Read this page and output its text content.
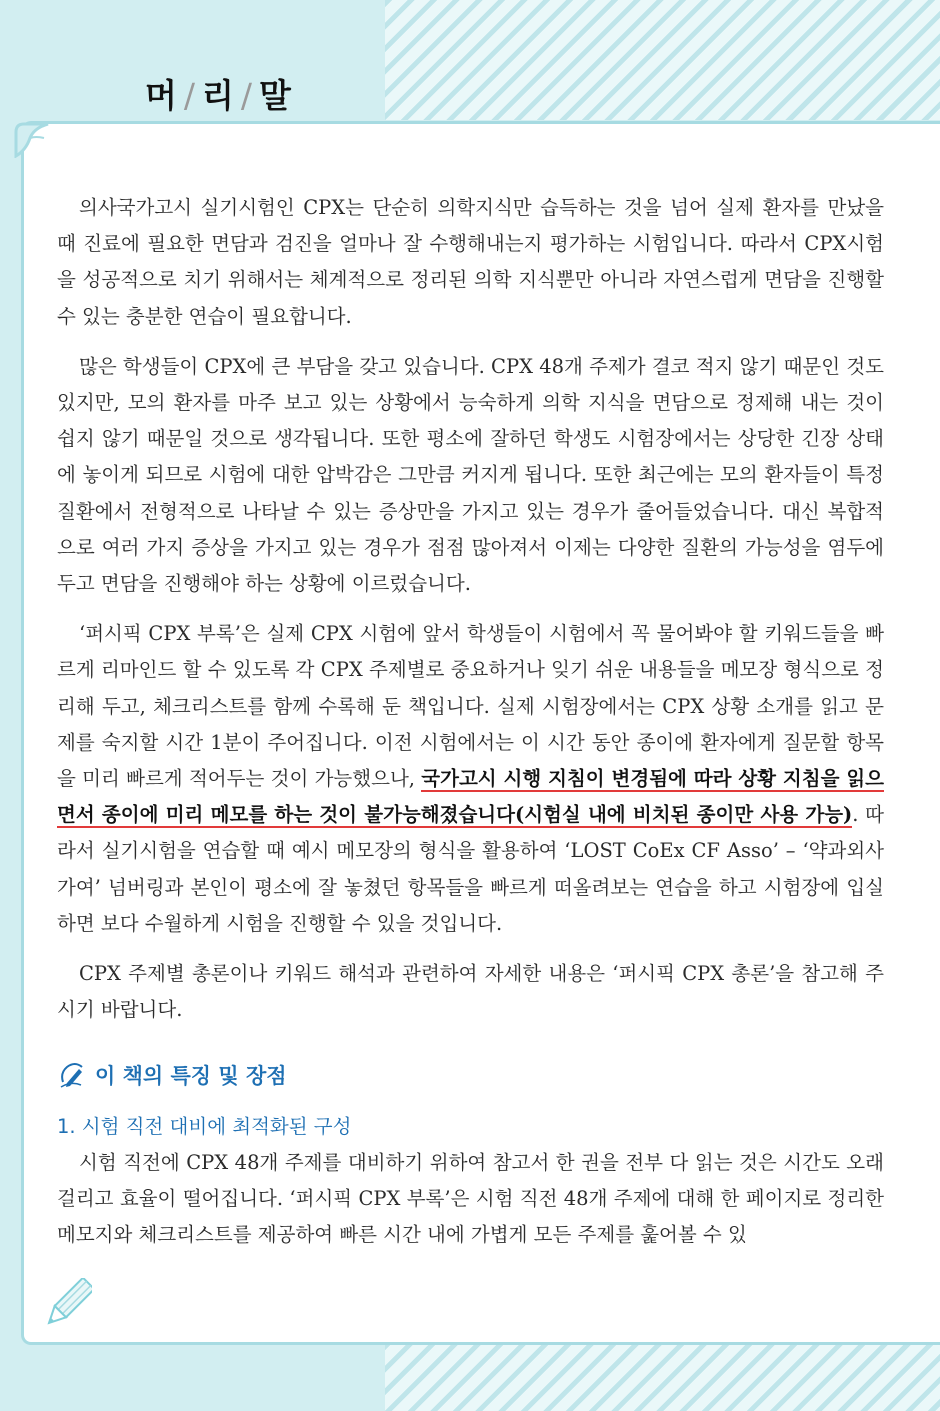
머 / 리 / 말

의사국가고시 실기시험인 CPX는 단순히 의학지식만 습득하는 것을 넘어 실제 환자를 만났을 때 진료에 필요한 면담과 검진을 얼마나 잘 수행해내는지 평가하는 시험입니다. 따라서 CPX시험을 성공적으로 치기 위해서는 체계적으로 정리된 의학 지식뿐만 아니라 자연스럽게 면담을 진행할 수 있는 충분한 연습이 필요합니다.

많은 학생들이 CPX에 큰 부담을 갖고 있습니다. CPX 48개 주제가 결코 적지 않기 때문인 것도 있지만, 모의 환자를 마주 보고 있는 상황에서 능숙하게 의학 지식을 면담으로 정제해 내는 것이 쉽지 않기 때문일 것으로 생각됩니다. 또한 평소에 잘하던 학생도 시험장에서는 상당한 긴장 상태에 놓이게 되므로 시험에 대한 압박감은 그만큼 커지게 됩니다. 또한 최근에는 모의 환자들이 특정 질환에서 전형적으로 나타날 수 있는 증상만을 가지고 있는 경우가 줄어들었습니다. 대신 복합적으로 여러 가지 증상을 가지고 있는 경우가 점점 많아져서 이제는 다양한 질환의 가능성을 염두에 두고 면담을 진행해야 하는 상황에 이르렀습니다.

‘퍼시픽 CPX 부록’은 실제 CPX 시험에 앞서 학생들이 시험에서 꼭 물어봐야 할 키워드들을 빠르게 리마인드 할 수 있도록 각 CPX 주제별로 중요하거나 잊기 쉬운 내용들을 메모장 형식으로 정리해 두고, 체크리스트를 함께 수록해 둔 책입니다. 실제 시험장에서는 CPX 상황 소개를 읽고 문제를 숙지할 시간 1분이 주어집니다. 이전 시험에서는 이 시간 동안 종이에 환자에게 질문할 항목을 미리 빠르게 적어두는 것이 가능했으나, 국가고시 시행 지침이 변경됨에 따라 상황 지침을 읽으면서 종이에 미리 메모를 하는 것이 불가능해졌습니다(시험실 내에 비치된 종이만 사용 가능). 따라서 실기시험을 연습할 때 예시 메모장의 형식을 활용하여 ‘LOST CoEx CF Asso’ – ‘약과외사가여’ 넘버링과 본인이 평소에 잘 놓쳤던 항목들을 빠르게 떠올려보는 연습을 하고 시험장에 입실하면 보다 수월하게 시험을 진행할 수 있을 것입니다.

CPX 주제별 총론이나 키워드 해석과 관련하여 자세한 내용은 ‘퍼시픽 CPX 총론’을 참고해 주시기 바랍니다.

이 책의 특징 및 장점
1. 시험 직전 대비에 최적화된 구성

시험 직전에 CPX 48개 주제를 대비하기 위하여 참고서 한 권을 전부 다 읽는 것은 시간도 오래 걸리고 효율이 떨어집니다. ‘퍼시픽 CPX 부록’은 시험 직전 48개 주제에 대해 한 페이지로 정리한 메모지와 체크리스트를 제공하여 빠른 시간 내에 가볍게 모든 주제를 훑어볼 수 있
